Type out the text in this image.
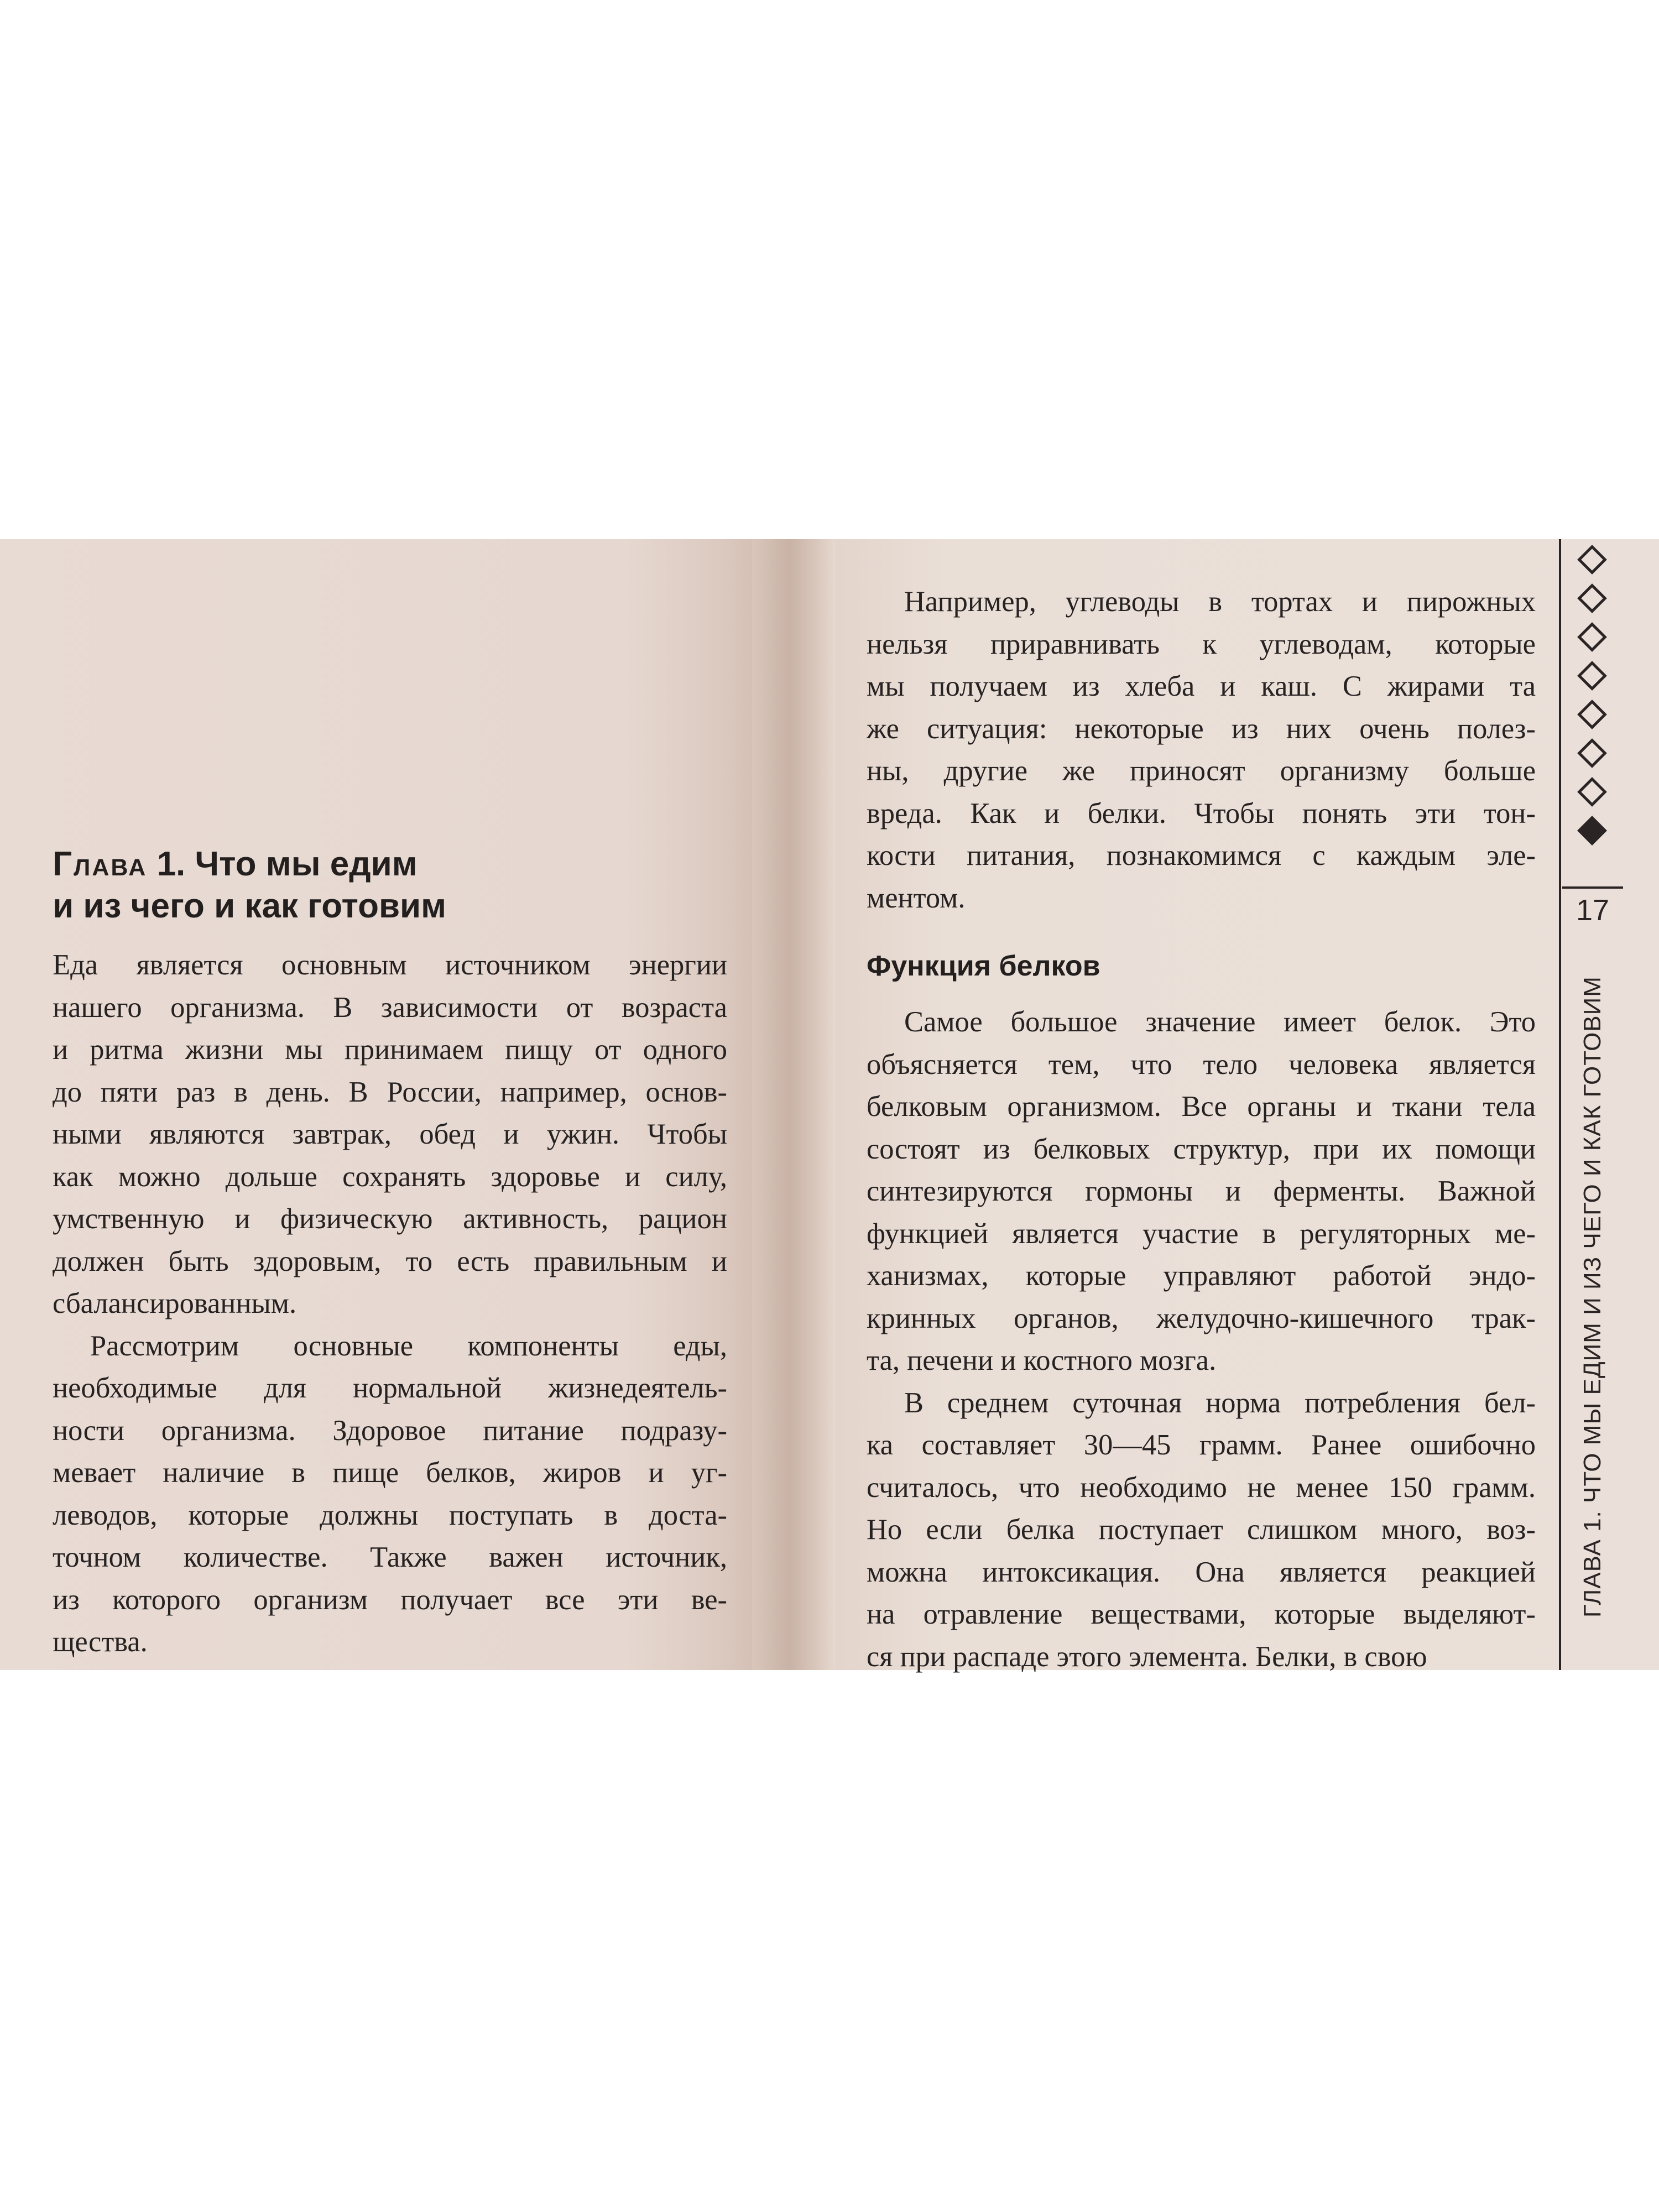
Глава 1. Что мы едим
и из чего и как готовим
Еда является основным источником энергии
нашего организма. В зависимости от возраста
и ритма жизни мы принимаем пищу от одного
до пяти раз в день. В России, например, основ-
ными являются завтрак, обед и ужин. Чтобы
как можно дольше сохранять здоровье и силу,
умственную и физическую активность, рацион
должен быть здоровым, то есть правильным и
сбалансированным.
Рассмотрим основные компоненты еды,
необходимые для нормальной жизнедеятель-
ности организма. Здоровое питание подразу-
мевает наличие в пище белков, жиров и уг-
леводов, которые должны поступать в доста-
точном количестве. Также важен источник,
из которого организм получает все эти ве-
щества.
Например, углеводы в тортах и пирожных
нельзя приравнивать к углеводам, которые
мы получаем из хлеба и каш. С жирами та
же ситуация: некоторые из них очень полез-
ны, другие же приносят организму больше
вреда. Как и белки. Чтобы понять эти тон-
кости питания, познакомимся с каждым эле-
ментом.
Функция белков
Самое большое значение имеет белок. Это
объясняется тем, что тело человека является
белковым организмом. Все органы и ткани тела
состоят из белковых структур, при их помощи
синтезируются гормоны и ферменты. Важной
функцией является участие в регуляторных ме-
ханизмах, которые управляют работой эндо-
кринных органов, желудочно-кишечного трак-
та, печени и костного мозга.
В среднем суточная норма потребления бел-
ка составляет 30—45 грамм. Ранее ошибочно
считалось, что необходимо не менее 150 грамм.
Но если белка поступает слишком много, воз-
можна интоксикация. Она является реакцией
на отравление веществами, которые выделяют-
ся при распаде этого элемента. Белки, в свою
17
ГЛАВА 1. ЧТО МЫ ЕДИМ И ИЗ ЧЕГО И КАК ГОТОВИМ
